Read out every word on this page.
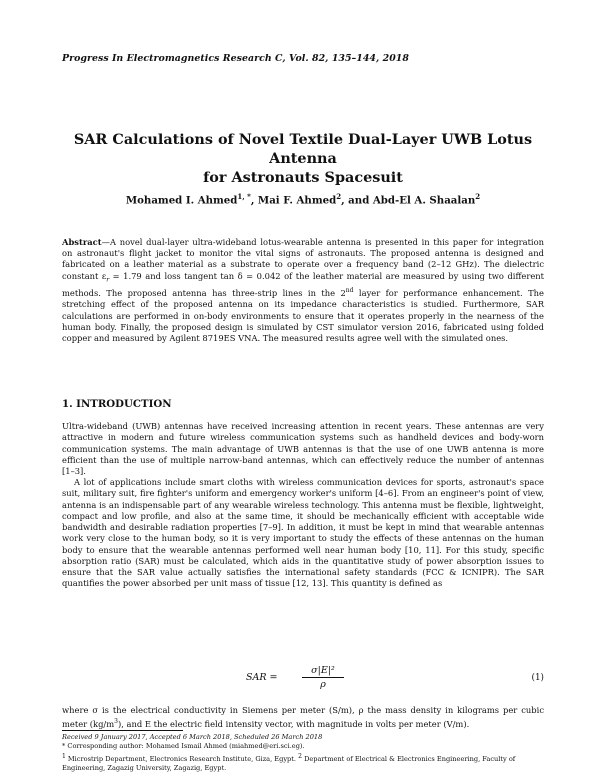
Progress In Electromagnetics Research C, Vol. 82, 135–144, 2018
SAR Calculations of Novel Textile Dual-Layer UWB Lotus Antenna
for Astronauts Spacesuit
Mohamed I. Ahmed$^{1, *}$, Mai F. Ahmed$^2$, and Abd-El A. Shaalan$^2$
Abstract—A novel dual-layer ultra-wideband lotus-wearable antenna is presented in this paper for integration on astronaut's flight jacket to monitor the vital signs of astronauts. The proposed antenna is designed and fabricated on a leather material as a substrate to operate over a frequency band (2–12 GHz). The dielectric constant $\varepsilon_r = 1.79$ and loss tangent tan δ = 0.042 of the leather material are measured by using two different methods. The proposed antenna has three-strip lines in the 2nd layer for performance enhancement. The stretching effect of the proposed antenna on its impedance characteristics is studied. Furthermore, SAR calculations are performed in on-body environments to ensure that it operates properly in the nearness of the human body. Finally, the proposed design is simulated by CST simulator version 2016, fabricated using folded copper and measured by Agilent 8719ES VNA. The measured results agree well with the simulated ones.
1. INTRODUCTION
Ultra-wideband (UWB) antennas have received increasing attention in recent years. These antennas are very attractive in modern and future wireless communication systems such as handheld devices and body-worn communication systems. The main advantage of UWB antennas is that the use of one UWB antenna is more efficient than the use of multiple narrow-band antennas, which can effectively reduce the number of antennas [1–3].
A lot of applications include smart cloths with wireless communication devices for sports, astronaut's space suit, military suit, fire fighter's uniform and emergency worker's uniform [4–6]. From an engineer's point of view, antenna is an indispensable part of any wearable wireless technology. This antenna must be flexible, lightweight, compact and low profile, and also at the same time, it should be mechanically efficient with acceptable wide bandwidth and desirable radiation properties [7–9]. In addition, it must be kept in mind that wearable antennas work very close to the human body, so it is very important to study the effects of these antennas on the human body to ensure that the wearable antennas performed well near human body [10, 11]. For this study, specific absorption ratio (SAR) must be calculated, which aids in the quantitative study of power absorption issues to ensure that the SAR value actually satisfies the international safety standards (FCC & ICNIPR). The SAR quantifies the power absorbed per unit mass of tissue [12, 13]. This quantity is defined as
SAR =	$\frac{\text{σ|E|²}}{\rho}$	(1)
where σ is the electrical conductivity in Siemens per meter (S/m), ρ the mass density in kilograms per cubic meter $(kg/m^3)$, and E the electric field intensity vector, with magnitude in volts per meter (V/m).
Received 9 January 2017, Accepted 6 March 2018, Scheduled 26 March 2018
* Corresponding author: Mohamed Ismail Ahmed (miahmed@eri.sci.eg).
$^1$ Microstrip Department, Electronics Research Institute, Giza, Egypt. $^2$ Department of Electrical & Electronics Engineering, Faculty of Engineering, Zagazig University, Zagazig, Egypt.
